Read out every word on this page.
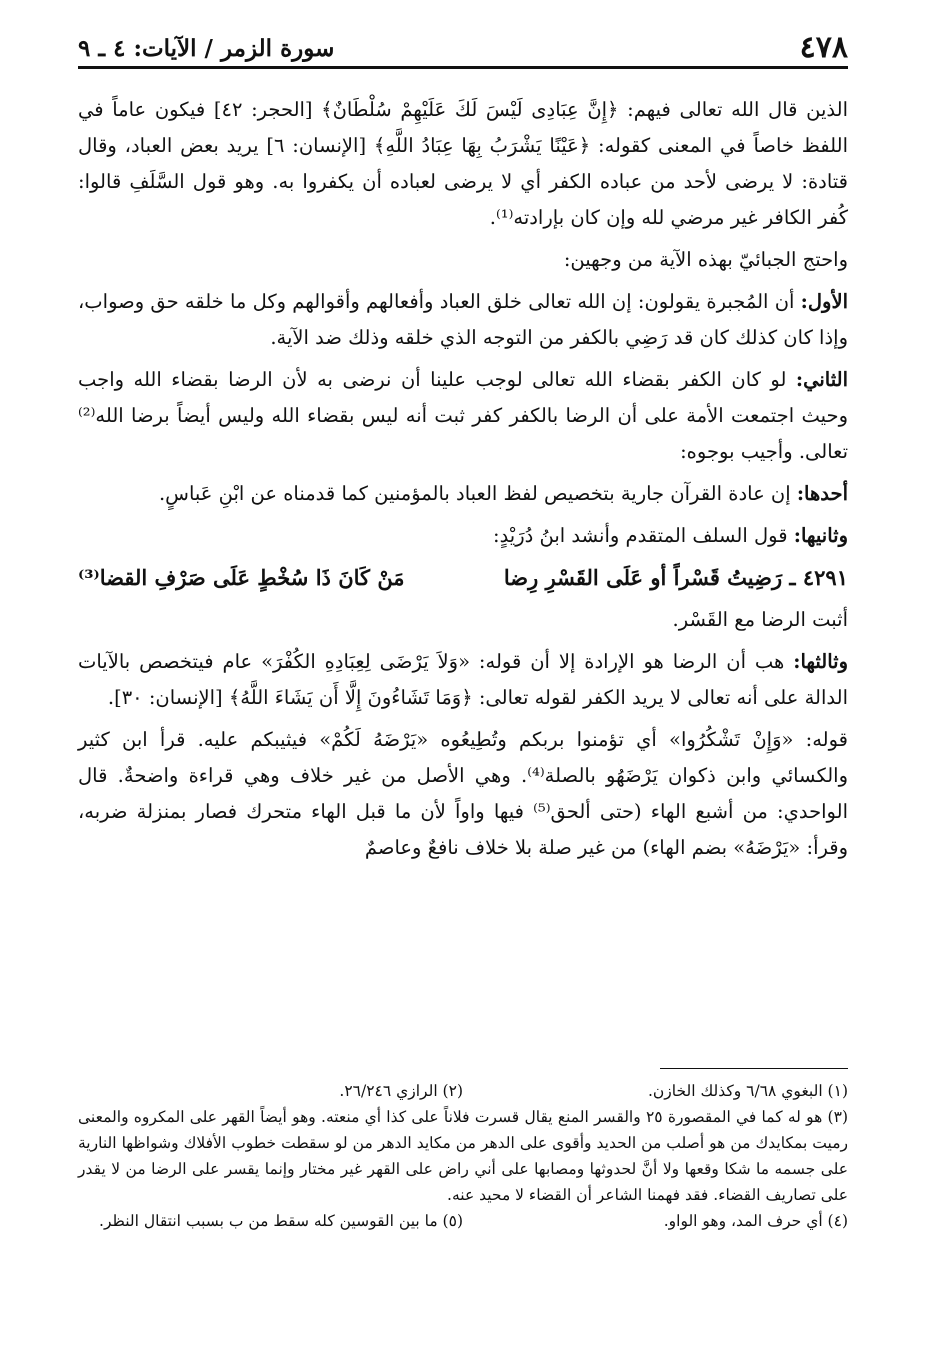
٤٧٨
سورة الزمر / الآيات: ٤ ـ ٩

الذين قال الله تعالى فيهم: ﴿إِنَّ عِبَادِى لَيْسَ لَكَ عَلَيْهِمْ سُلْطَانٌ﴾ [الحجر: ٤٢] فيكون عاماً في اللفظ خاصاً في المعنى كقوله: ﴿عَيْنًا يَشْرَبُ بِهَا عِبَادُ اللَّهِ﴾ [الإنسان: ٦] يريد بعض العباد، وقال قتادة: لا يرضى لأحد من عباده الكفر أي لا يرضى لعباده أن يكفروا به. وهو قول السَّلَفِ قالوا: كُفر الكافر غير مرضي لله وإن كان بإرادته⁽¹⁾.

واحتج الجبائيّ بهذه الآية من وجهين:

الأول: أن المُجبرة يقولون: إن الله تعالى خلق العباد وأفعالهم وأقوالهم وكل ما خلقه حق وصواب، وإذا كان كذلك كان قد رَضِي بالكفر من التوجه الذي خلقه وذلك ضد الآية.

الثاني: لو كان الكفر بقضاء الله تعالى لوجب علينا أن نرضى به لأن الرضا بقضاء الله واجب وحيث اجتمعت الأمة على أن الرضا بالكفر كفر ثبت أنه ليس بقضاء الله وليس أيضاً برضا الله⁽²⁾ تعالى. وأجيب بوجوه:

أحدها: إن عادة القرآن جارية بتخصيص لفظ العباد بالمؤمنين كما قدمناه عن ابْنِ عَباسٍ.

وثانيها: قول السلف المتقدم وأنشد ابنُ دُرَيْدٍ:

٤٢٩١ ـ رَضِيتُ قَسْراً أو عَلَى القَسْرِ رِضا
مَنْ كَانَ ذَا سُخْطٍ عَلَى صَرْفِ القضا⁽³⁾

أثبت الرضا مع القَسْر.

وثالثها: هب أن الرضا هو الإرادة إلا أن قوله: «وَلاَ يَرْضَى لِعِبَادِهِ الكُفْرَ» عام فيتخصص بالآيات الدالة على أنه تعالى لا يريد الكفر لقوله تعالى: ﴿وَمَا تَشَاءُونَ إِلَّا أَن يَشَاءَ اللَّهُ﴾ [الإنسان: ٣٠].

قوله: «وَإِنْ تَشْكُرُوا» أي تؤمنوا بربكم وتُطِيعُوه «يَرْضَهُ لَكُمْ» فيثيبكم عليه. قرأ ابن كثير والكسائي وابن ذكوان يَرْضَهُو بالصلة⁽⁴⁾. وهي الأصل من غير خلاف وهي قراءة واضحةٌ. قال الواحدي: من أشبع الهاء (حتى ألحق⁽⁵⁾ فيها واواً لأن ما قبل الهاء متحرك فصار بمنزلة ضربه، وقرأ: «يَرْضَهُ» بضم الهاء) من غير صلة بلا خلاف نافعٌ وعاصمٌ

(١) البغوي ٦/٦٨ وكذلك الخازن.
(٢) الرازي ٢٦/٢٤٦.

(٣) هو له كما في المقصورة ٢٥ والقسر المنع يقال قسرت فلاناً على كذا أي منعته. وهو أيضاً القهر على المكروه والمعنى رميت بمكايدك من هو أصلب من الحديد وأقوى على الدهر من مكايد الدهر من لو سقطت خطوب الأفلاك وشواظها النارية على جسمه ما شكا وقعها ولا أنَّ لحدوثها ومصابها على أني راض على القهر غير مختار وإنما يقسر على الرضا من لا يقدر على تصاريف القضاء. فقد فهمنا الشاعر أن القضاء لا محيد عنه.

(٤) أي حرف المد، وهو الواو.
(٥) ما بين القوسين كله سقط من ب بسبب انتقال النظر.
